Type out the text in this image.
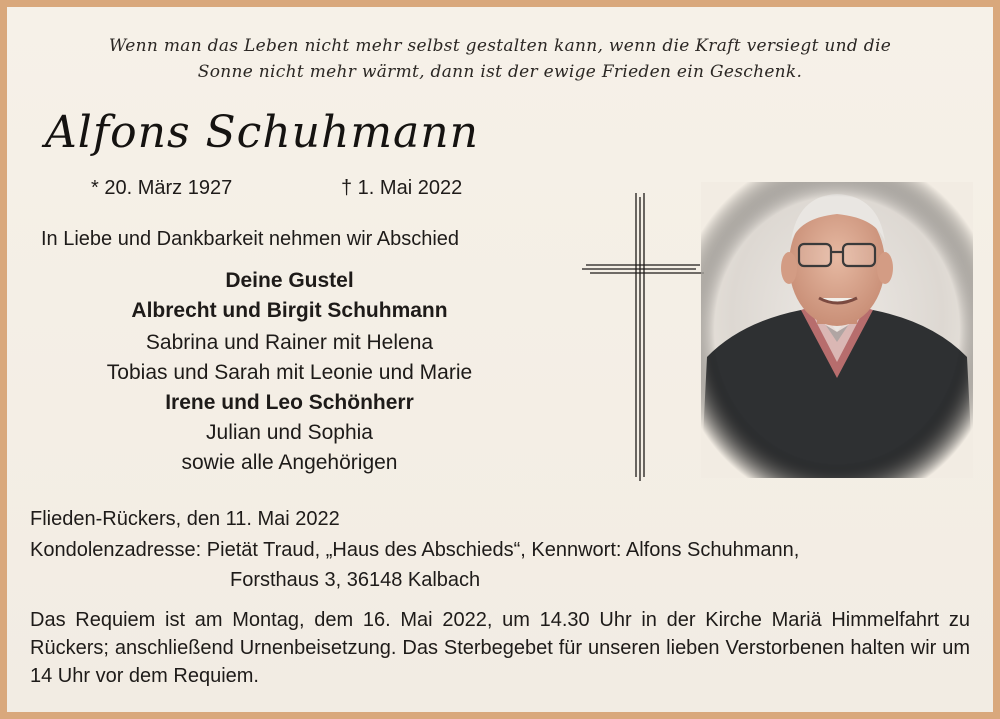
Wenn man das Leben nicht mehr selbst gestalten kann, wenn die Kraft versiegt und die
Sonne nicht mehr wärmt, dann ist der ewige Frieden ein Geschenk.
Alfons Schuhmann
* 20. März 1927	† 1. Mai 2022
In Liebe und Dankbarkeit nehmen wir Abschied
Deine Gustel
Albrecht und Birgit Schuhmann
Sabrina und Rainer mit Helena
Tobias und Sarah mit Leonie und Marie
Irene und Leo Schönherr
Julian und Sophia
sowie alle Angehörigen
Flieden-Rückers, den 11. Mai 2022
Kondolenzadresse: Pietät Traud, „Haus des Abschieds“, Kennwort: Alfons Schuhmann,
Forsthaus 3, 36148 Kalbach
Das Requiem ist am Montag, dem 16. Mai 2022, um 14.30 Uhr in der Kirche Mariä Himmelfahrt zu Rückers; anschließend Urnenbeisetzung. Das Sterbegebet für unseren lieben Verstorbenen halten wir um 14 Uhr vor dem Requiem.
